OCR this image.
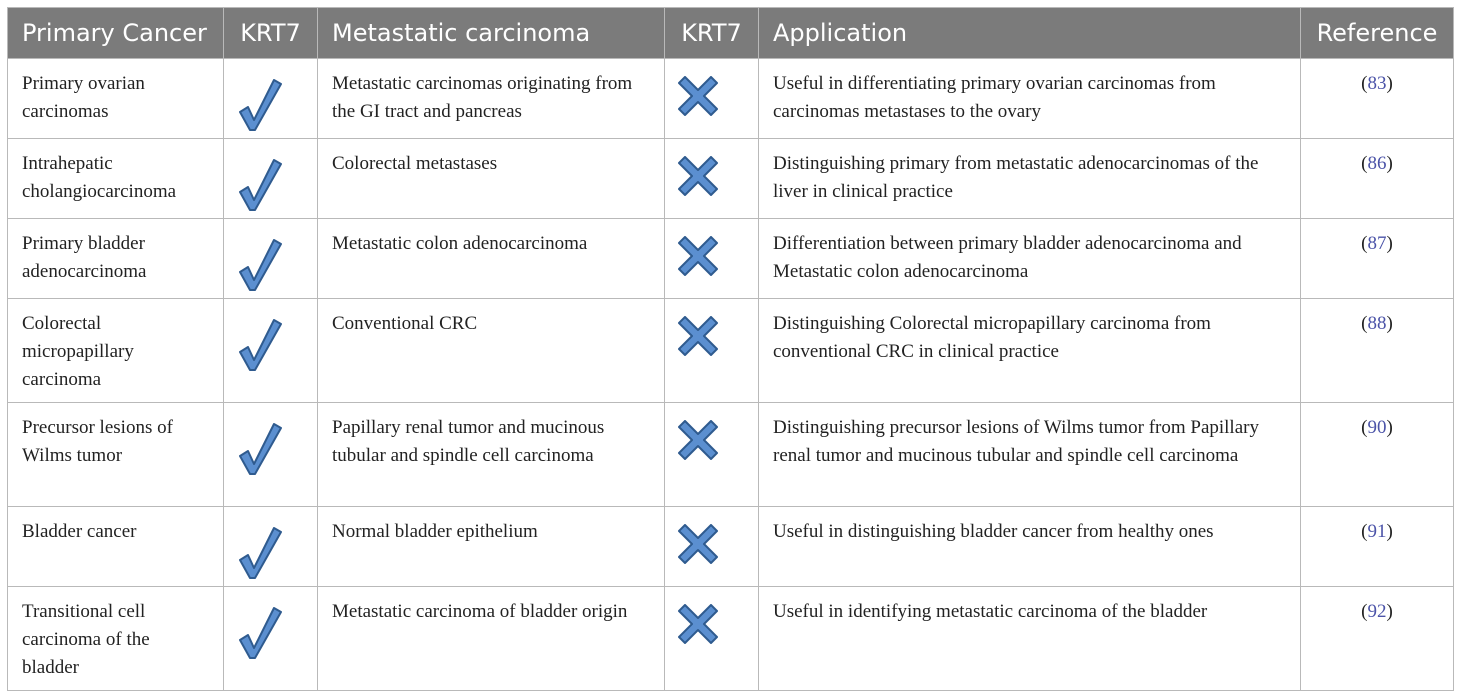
Primary Cancer	KRT7	Metastatic carcinoma	KRT7	Application	Reference
Primary ovarian carcinomas		Metastatic carcinomas originating from the GI tract and pancreas		Useful in differentiating primary ovarian carcinomas from carcinomas metastases to the ovary	(83)
Intrahepatic cholangiocarcinoma		Colorectal metastases		Distinguishing primary from metastatic adenocarcinomas of the liver in clinical practice	(86)
Primary bladder adenocarcinoma		Metastatic colon adenocarcinoma		Differentiation between primary bladder adenocarcinoma and Metastatic colon adenocarcinoma	(87)
Colorectal micropapillary carcinoma		Conventional CRC		Distinguishing Colorectal micropapillary carcinoma from conventional CRC in clinical practice	(88)
Precursor lesions of Wilms tumor		Papillary renal tumor and mucinous tubular and spindle cell carcinoma		Distinguishing precursor lesions of Wilms tumor from Papillary renal tumor and mucinous tubular and spindle cell carcinoma	(90)
Bladder cancer		Normal bladder epithelium		Useful in distinguishing bladder cancer from healthy ones	(91)
Transitional cell carcinoma of the bladder		Metastatic carcinoma of bladder origin		Useful in identifying metastatic carcinoma of the bladder	(92)
